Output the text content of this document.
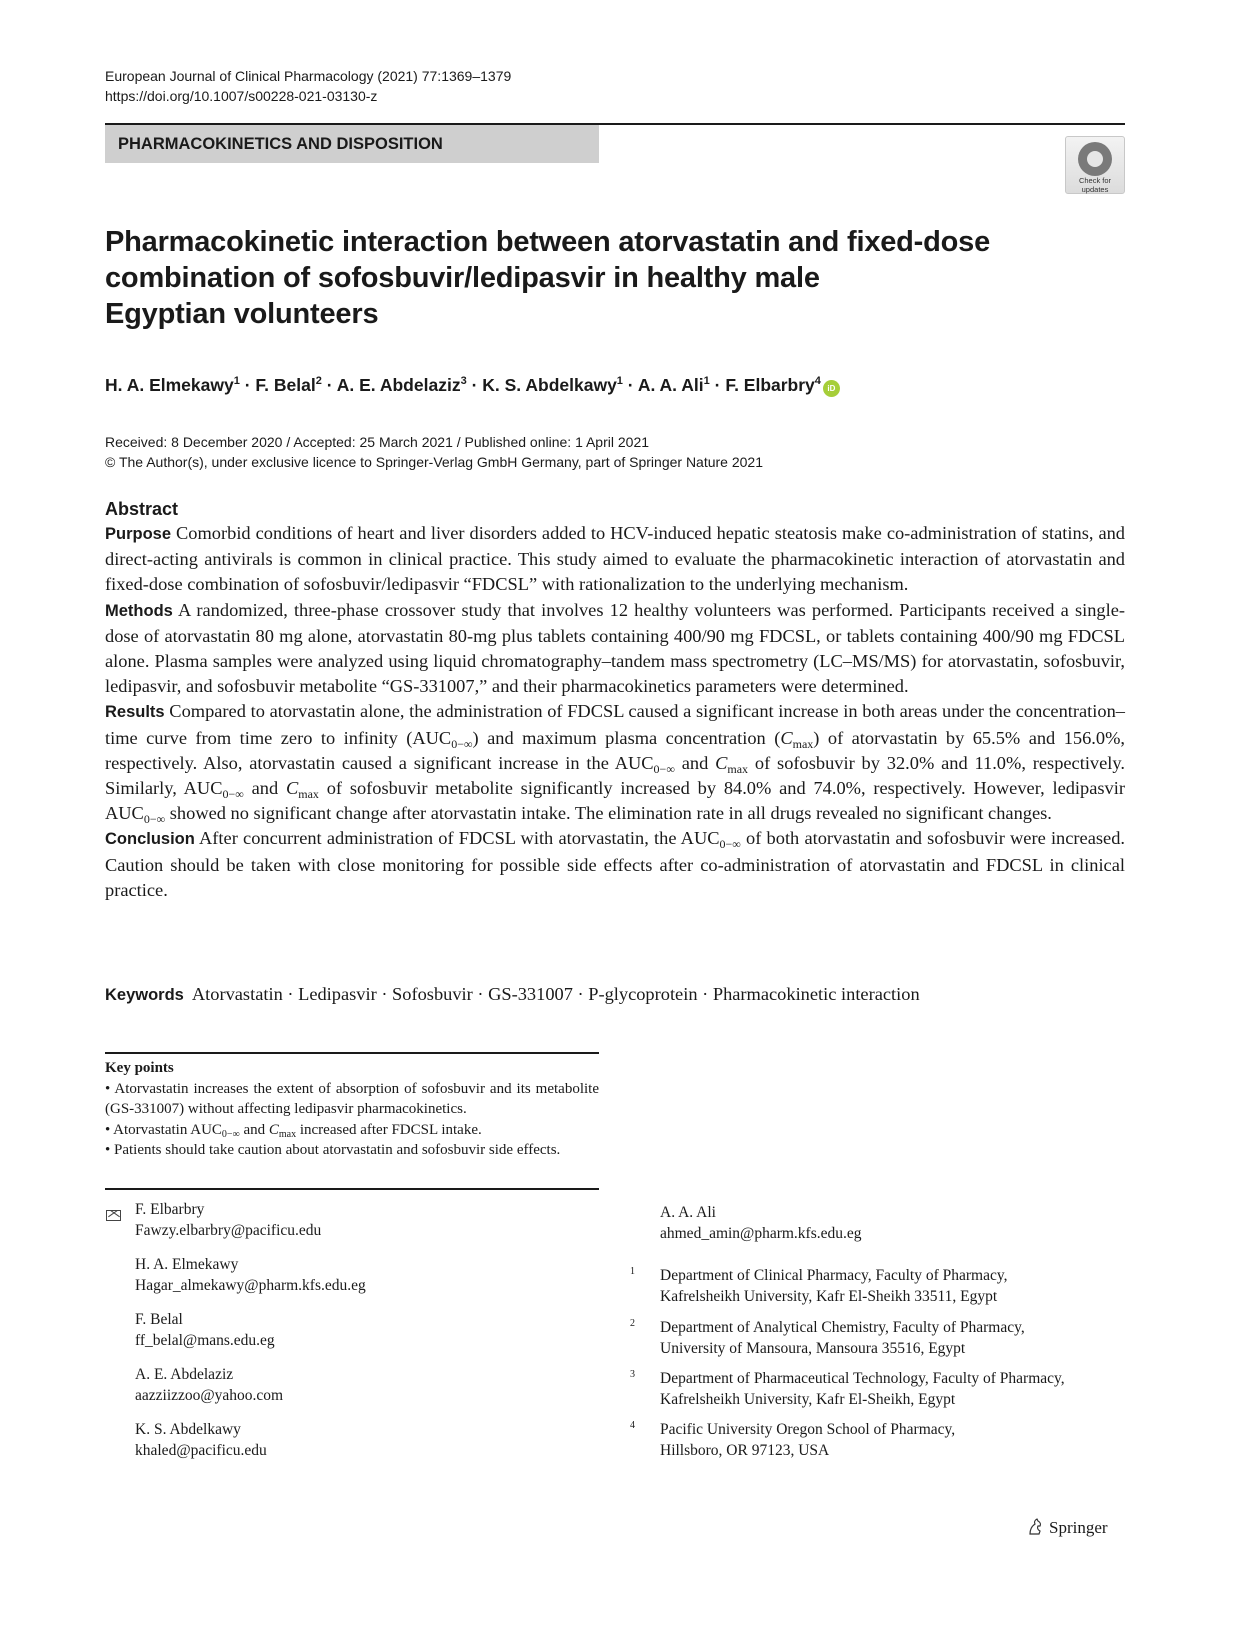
European Journal of Clinical Pharmacology (2021) 77:1369–1379
https://doi.org/10.1007/s00228-021-03130-z
PHARMACOKINETICS AND DISPOSITION
Check for
updates
Pharmacokinetic interaction between atorvastatin and fixed-dose
combination of sofosbuvir/ledipasvir in healthy male
Egyptian volunteers
H. A. Elmekawy$^1$ · F. Belal$^2$ · A. E. Abdelaziz$^3$ · K. S. Abdelkawy$^1$ · A. A. Ali$^1$ · F. Elbarbry$^4$iD
Received: 8 December 2020 / Accepted: 25 March 2021 / Published online: 1 April 2021
© The Author(s), under exclusive licence to Springer-Verlag GmbH Germany, part of Springer Nature 2021
Abstract

Purpose Comorbid conditions of heart and liver disorders added to HCV-induced hepatic steatosis make co-administration of statins, and direct-acting antivirals is common in clinical practice. This study aimed to evaluate the pharmacokinetic interaction of atorvastatin and fixed-dose combination of sofosbuvir/ledipasvir “FDCSL” with rationalization to the underlying mechanism.

Methods A randomized, three-phase crossover study that involves 12 healthy volunteers was performed. Participants received a single-dose of atorvastatin 80 mg alone, atorvastatin 80-mg plus tablets containing 400/90 mg FDCSL, or tablets containing 400/90 mg FDCSL alone. Plasma samples were analyzed using liquid chromatography–tandem mass spectrometry (LC–MS/MS) for atorvastatin, sofosbuvir, ledipasvir, and sofosbuvir metabolite “GS-331007,” and their pharmacokinetics parameters were determined.

Results Compared to atorvastatin alone, the administration of FDCSL caused a significant increase in both areas under the concentration–time curve from time zero to infinity $(AUC_{0-\infty})$ and maximum plasma concentration $(C_{max})$ of atorvastatin by 65.5% and 156.0%, respectively. Also, atorvastatin caused a significant increase in the $AUC_{0-\infty}$ and $C_{max}$ of sofosbuvir by 32.0% and 11.0%, respectively. Similarly, $AUC_{0-\infty}$ and $C_{max}$ of sofosbuvir metabolite significantly increased by 84.0% and 74.0%, respectively. However, ledipasvir $AUC_{0-\infty}$ showed no significant change after atorvastatin intake. The elimination rate in all drugs revealed no significant changes.

Conclusion After concurrent administration of FDCSL with atorvastatin, the $AUC_{0-\infty}$ of both atorvastatin and sofosbuvir were increased. Caution should be taken with close monitoring for possible side effects after co-administration of atorvastatin and FDCSL in clinical practice.

Keywords Atorvastatin · Ledipasvir · Sofosbuvir · GS-331007 · P-glycoprotein · Pharmacokinetic interaction
Key points
• Atorvastatin increases the extent of absorption of sofosbuvir and its metabolite (GS-331007) without affecting ledipasvir pharmacokinetics.
• Atorvastatin $AUC_{0-\infty}$ and $C_{max}$ increased after FDCSL intake.
• Patients should take caution about atorvastatin and sofosbuvir side effects.
F. Elbarbry
Fawzy.elbarbry@pacificu.edu
H. A. Elmekawy
Hagar_almekawy@pharm.kfs.edu.eg
F. Belal
ff_belal@mans.edu.eg
A. E. Abdelaziz
aazziizzoo@yahoo.com
K. S. Abdelkawy
khaled@pacificu.edu
A. A. Ali
ahmed_amin@pharm.kfs.edu.eg
1 Department of Clinical Pharmacy, Faculty of Pharmacy,
Kafrelsheikh University, Kafr El-Sheikh 33511, Egypt
2 Department of Analytical Chemistry, Faculty of Pharmacy,
University of Mansoura, Mansoura 35516, Egypt
3 Department of Pharmaceutical Technology, Faculty of Pharmacy,
Kafrelsheikh University, Kafr El-Sheikh, Egypt
4 Pacific University Oregon School of Pharmacy,
Hillsboro, OR 97123, USA
Springer
